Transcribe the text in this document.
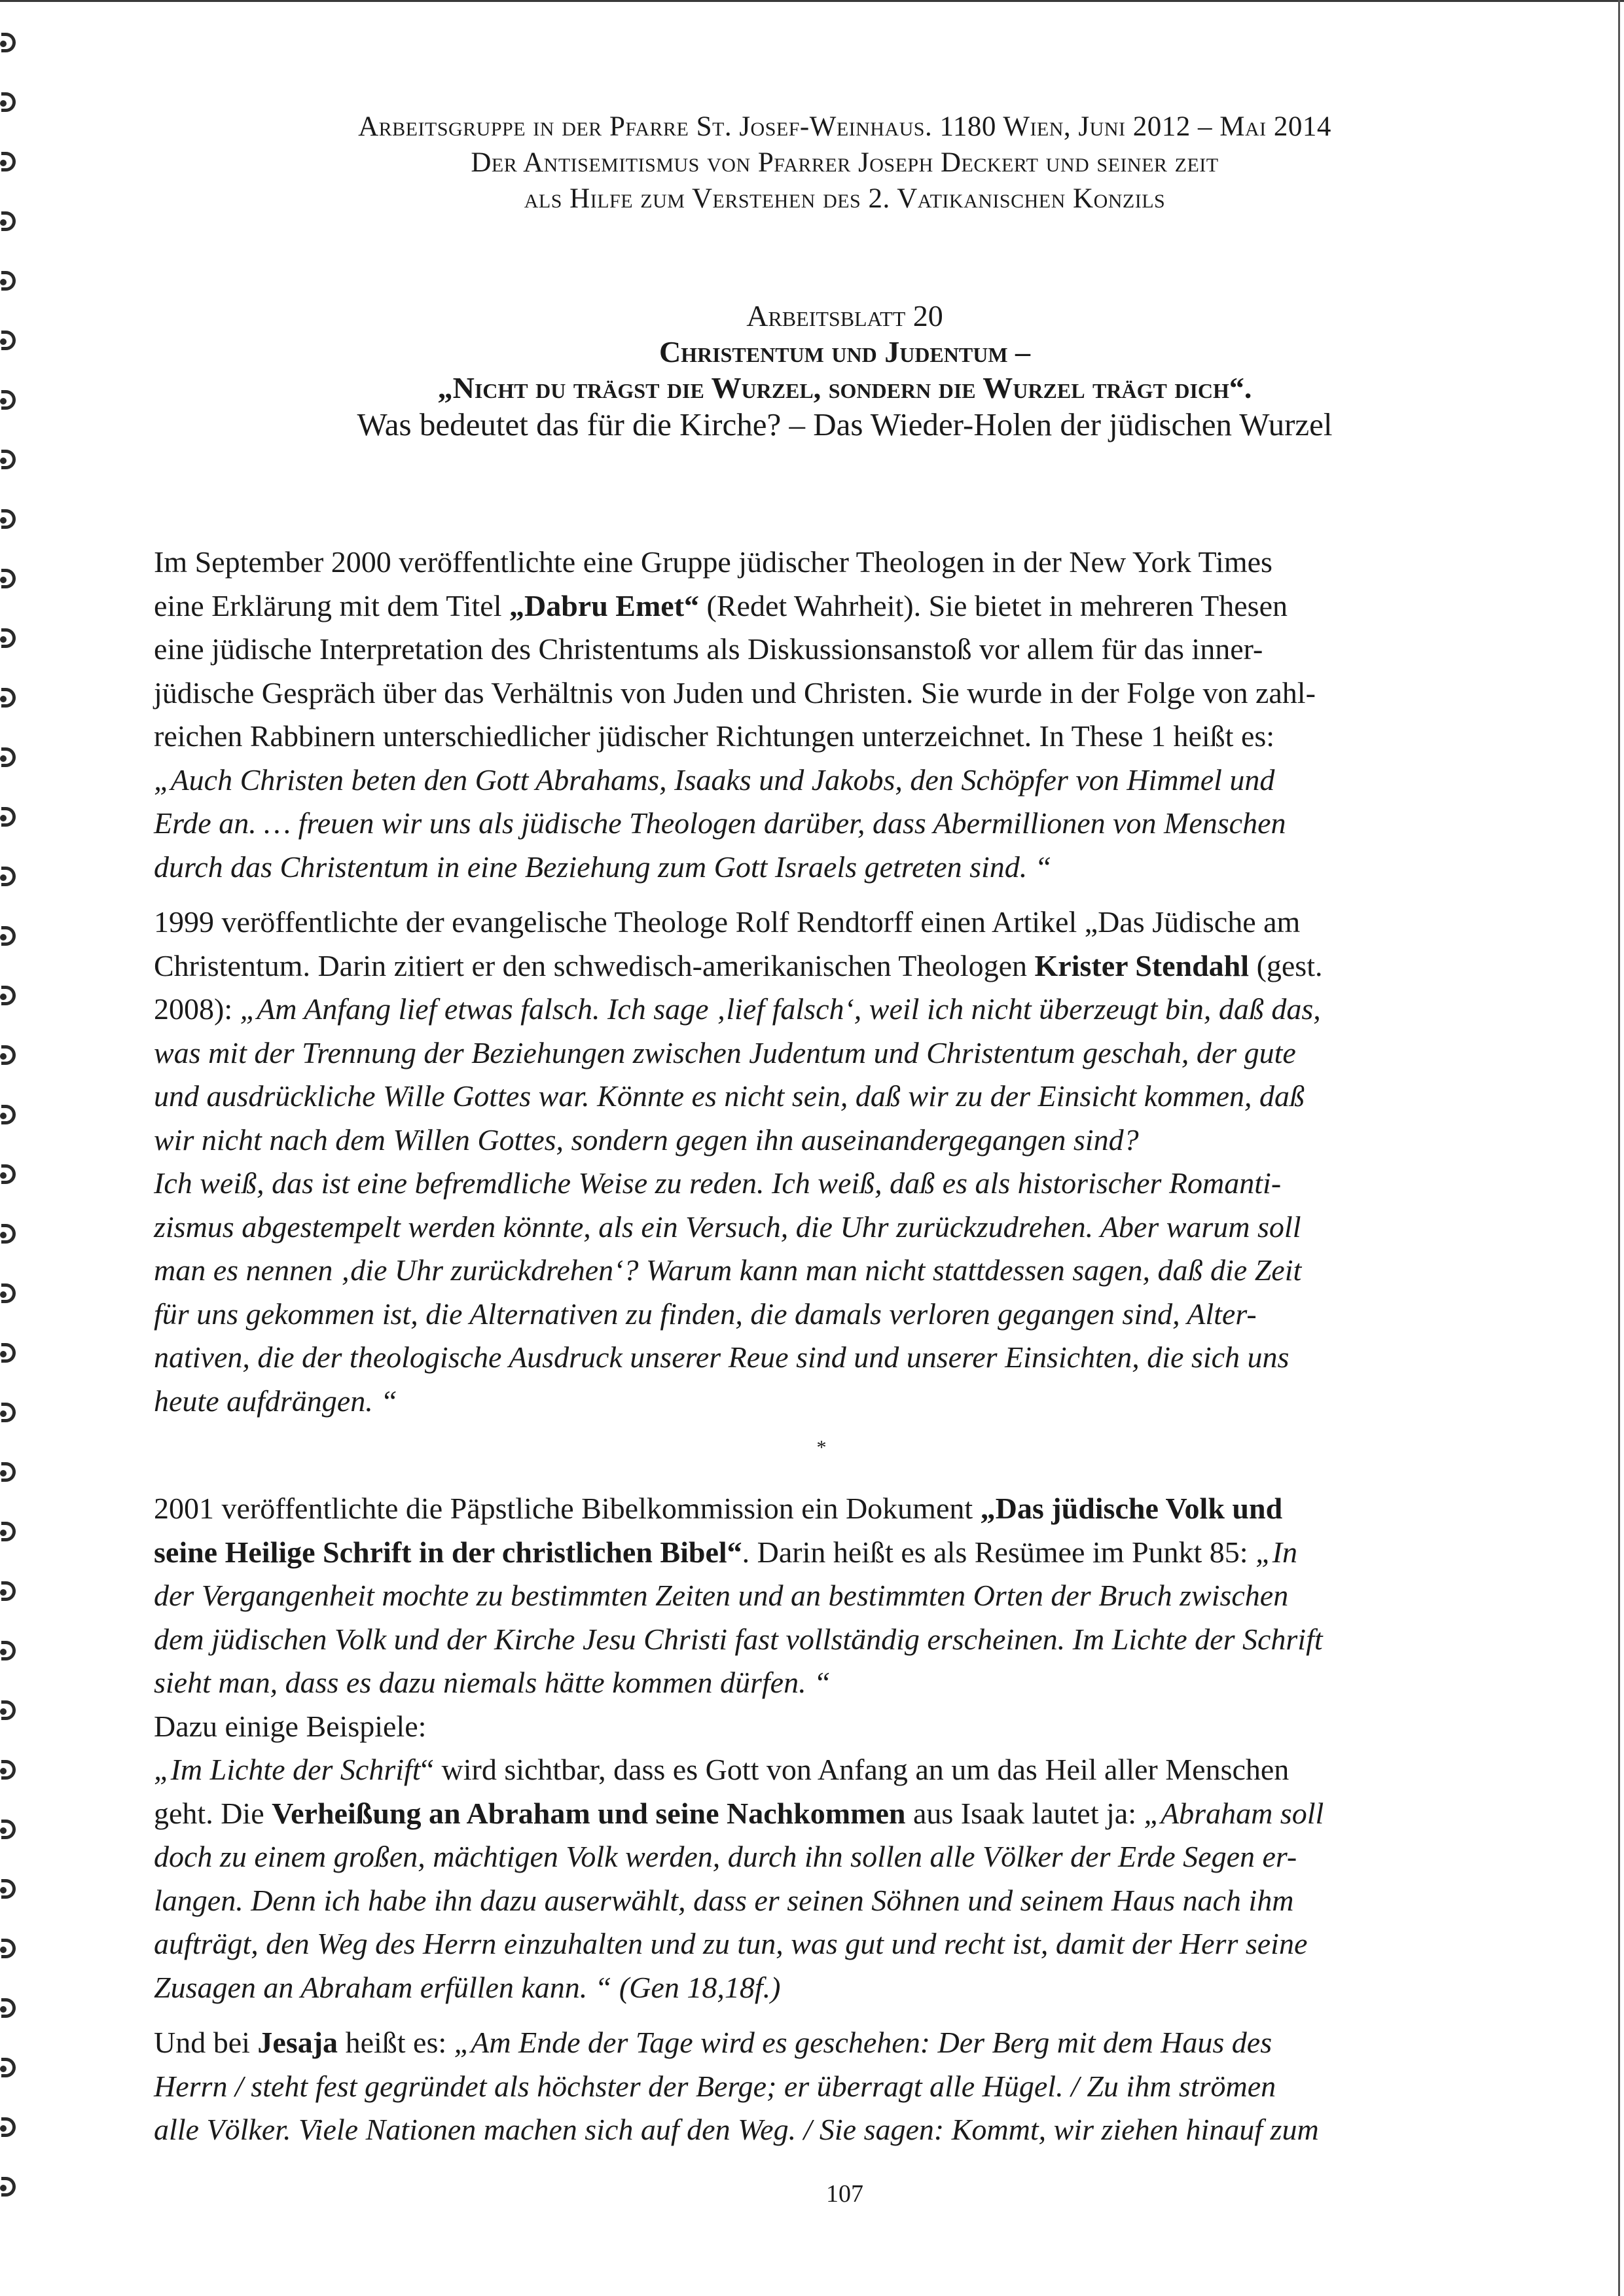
Arbeitsgruppe in der Pfarre St. Josef-Weinhaus. 1180 Wien, Juni 2012 – Mai 2014
Der Antisemitismus von Pfarrer Joseph Deckert und seiner zeit
als Hilfe zum Verstehen des 2. Vatikanischen Konzils
Arbeitsblatt 20
Christentum und Judentum –
„Nicht du trägst die Wurzel, sondern die Wurzel trägt dich“.
Was bedeutet das für die Kirche? – Das Wieder-Holen der jüdischen Wurzel

Im September 2000 veröffentlichte eine Gruppe jüdischer Theologen in der New York Times
eine Erklärung mit dem Titel „Dabru Emet“ (Redet Wahrheit). Sie bietet in mehreren Thesen
eine jüdische Interpretation des Christentums als Diskussionsanstoß vor allem für das inner-
jüdische Gespräch über das Verhältnis von Juden und Christen. Sie wurde in der Folge von zahl-
reichen Rabbinern unterschiedlicher jüdischer Richtungen unterzeichnet. In These 1 heißt es:
„Auch Christen beten den Gott Abrahams, Isaaks und Jakobs, den Schöpfer von Himmel und
Erde an. … freuen wir uns als jüdische Theologen darüber, dass Abermillionen von Menschen
durch das Christentum in eine Beziehung zum Gott Israels getreten sind. “

1999 veröffentlichte der evangelische Theologe Rolf Rendtorff einen Artikel „Das Jüdische am
Christentum. Darin zitiert er den schwedisch-amerikanischen Theologen Krister Stendahl (gest.
2008): „Am Anfang lief etwas falsch. Ich sage ‚lief falsch‘, weil ich nicht überzeugt bin, daß das,
was mit der Trennung der Beziehungen zwischen Judentum und Christentum geschah, der gute
und ausdrückliche Wille Gottes war. Könnte es nicht sein, daß wir zu der Einsicht kommen, daß
wir nicht nach dem Willen Gottes, sondern gegen ihn auseinandergegangen sind?
Ich weiß, das ist eine befremdliche Weise zu reden. Ich weiß, daß es als historischer Romanti-
zismus abgestempelt werden könnte, als ein Versuch, die Uhr zurückzudrehen. Aber warum soll
man es nennen ‚die Uhr zurückdrehen‘? Warum kann man nicht stattdessen sagen, daß die Zeit
für uns gekommen ist, die Alternativen zu finden, die damals verloren gegangen sind, Alter-
nativen, die der theologische Ausdruck unserer Reue sind und unserer Einsichten, die sich uns
heute aufdrängen. “

*

2001 veröffentlichte die Päpstliche Bibelkommission ein Dokument „Das jüdische Volk und
seine Heilige Schrift in der christlichen Bibel“. Darin heißt es als Resümee im Punkt 85: „In
der Vergangenheit mochte zu bestimmten Zeiten und an bestimmten Orten der Bruch zwischen
dem jüdischen Volk und der Kirche Jesu Christi fast vollständig erscheinen. Im Lichte der Schrift
sieht man, dass es dazu niemals hätte kommen dürfen. “
Dazu einige Beispiele:
„Im Lichte der Schrift“ wird sichtbar, dass es Gott von Anfang an um das Heil aller Menschen
geht. Die Verheißung an Abraham und seine Nachkommen aus Isaak lautet ja: „Abraham soll
doch zu einem großen, mächtigen Volk werden, durch ihn sollen alle Völker der Erde Segen er-
langen. Denn ich habe ihn dazu auserwählt, dass er seinen Söhnen und seinem Haus nach ihm
aufträgt, den Weg des Herrn einzuhalten und zu tun, was gut und recht ist, damit der Herr seine
Zusagen an Abraham erfüllen kann. “ (Gen 18,18f.)

Und bei Jesaja heißt es: „Am Ende der Tage wird es geschehen: Der Berg mit dem Haus des
Herrn / steht fest gegründet als höchster der Berge; er überragt alle Hügel. / Zu ihm strömen
alle Völker. Viele Nationen machen sich auf den Weg. / Sie sagen: Kommt, wir ziehen hinauf zum

107
